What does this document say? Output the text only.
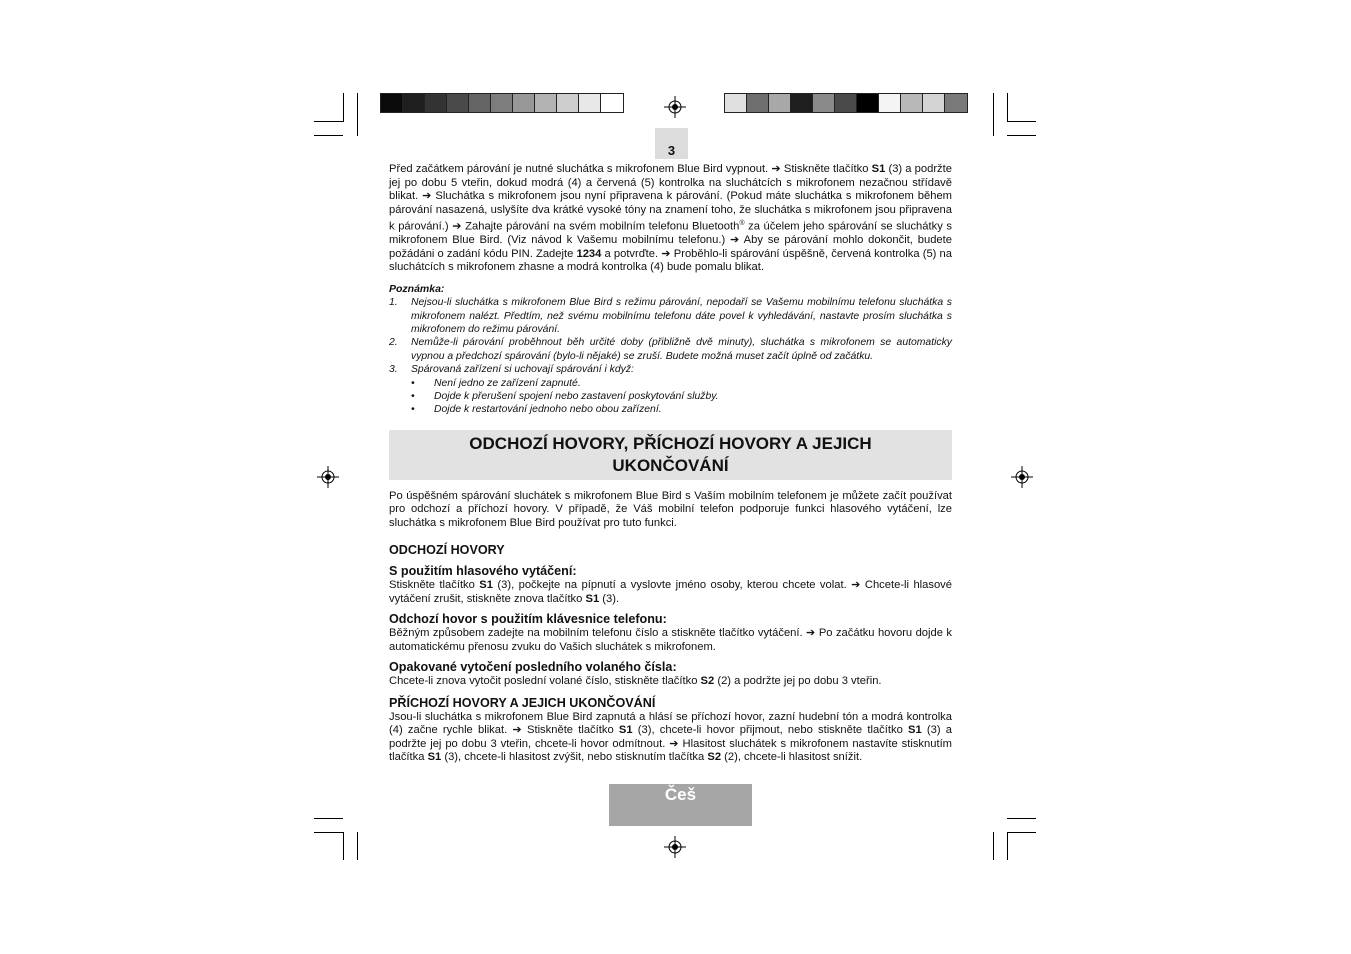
3

Před začátkem párování je nutné sluchátka s mikrofonem Blue Bird vypnout. ➔ Stiskněte tlačítko S1 (3) a podržte jej po dobu 5 vteřin, dokud modrá (4) a červená (5) kontrolka na sluchátcích s mikrofonem nezačnou střídavě blikat. ➔ Sluchátka s mikrofonem jsou nyní připravena k párování. (Pokud máte sluchátka s mikrofonem během párování nasazená, uslyšíte dva krátké vysoké tóny na znamení toho, že sluchátka s mikrofonem jsou připravena k párování.) ➔ Zahajte párování na svém mobilním telefonu Bluetooth® za účelem jeho spárování se sluchátky s mikrofonem Blue Bird. (Viz návod k Vašemu mobilnímu telefonu.) ➔ Aby se párování mohlo dokončit, budete požádáni o zadání kódu PIN. Zadejte 1234 a potvrďte. ➔ Proběhlo-li spárování úspěšně, červená kontrolka (5) na sluchátcích s mikrofonem zhasne a modrá kontrolka (4) bude pomalu blikat.

Poznámka:
1.	Nejsou-li sluchátka s mikrofonem Blue Bird s režimu párování, nepodaří se Vašemu mobilnímu telefonu sluchátka s mikrofonem nalézt. Předtím, než svému mobilnímu telefonu dáte povel k vyhledávání, nastavte prosím sluchátka s mikrofonem do režimu párování.
2.	Nemůže-li párování proběhnout běh určité doby (přibližně dvě minuty), sluchátka s mikrofonem se automaticky vypnou a předchozí spárování (bylo-li nějaké) se zruší. Budete možná muset začít úplně od začátku.
3.	Spárovaná zařízení si uchovají spárování i když:
•	Není jedno ze zařízení zapnuté.
•	Dojde k přerušení spojení nebo zastavení poskytování služby.
•	Dojde k restartování jednoho nebo obou zařízení.
ODCHOZÍ HOVORY, PŘÍCHOZÍ HOVORY A JEJICH
UKONČOVÁNÍ

Po úspěšném spárování sluchátek s mikrofonem Blue Bird s Vaším mobilním telefonem je můžete začít používat pro odchozí a příchozí hovory. V případě, že Váš mobilní telefon podporuje funkci hlasového vytáčení, lze sluchátka s mikrofonem Blue Bird používat pro tuto funkci.

ODCHOZÍ HOVORY
S použitím hlasového vytáčení:

Stiskněte tlačítko S1 (3), počkejte na pípnutí a vyslovte jméno osoby, kterou chcete volat. ➔ Chcete-li hlasové vytáčení zrušit, stiskněte znova tlačítko S1 (3).

Odchozí hovor s použitím klávesnice telefonu:

Běžným způsobem zadejte na mobilním telefonu číslo a stiskněte tlačítko vytáčení. ➔ Po začátku hovoru dojde k automatickému přenosu zvuku do Vašich sluchátek s mikrofonem.

Opakované vytočení posledního volaného čísla:

Chcete-li znova vytočit poslední volané číslo, stiskněte tlačítko S2 (2) a podržte jej po dobu 3 vteřin.

PŘÍCHOZÍ HOVORY A JEJICH UKONČOVÁNÍ

Jsou-li sluchátka s mikrofonem Blue Bird zapnutá a hlásí se příchozí hovor, zazní hudební tón a modrá kontrolka (4) začne rychle blikat. ➔ Stiskněte tlačítko S1 (3), chcete-li hovor přijmout, nebo stiskněte tlačítko S1 (3) a podržte jej po dobu 3 vteřin, chcete-li hovor odmítnout. ➔ Hlasitost sluchátek s mikrofonem nastavíte stisknutím tlačítka S1 (3), chcete-li hlasitost zvýšit, nebo stisknutím tlačítka S2 (2), chcete-li hlasitost snížit.

Češ
